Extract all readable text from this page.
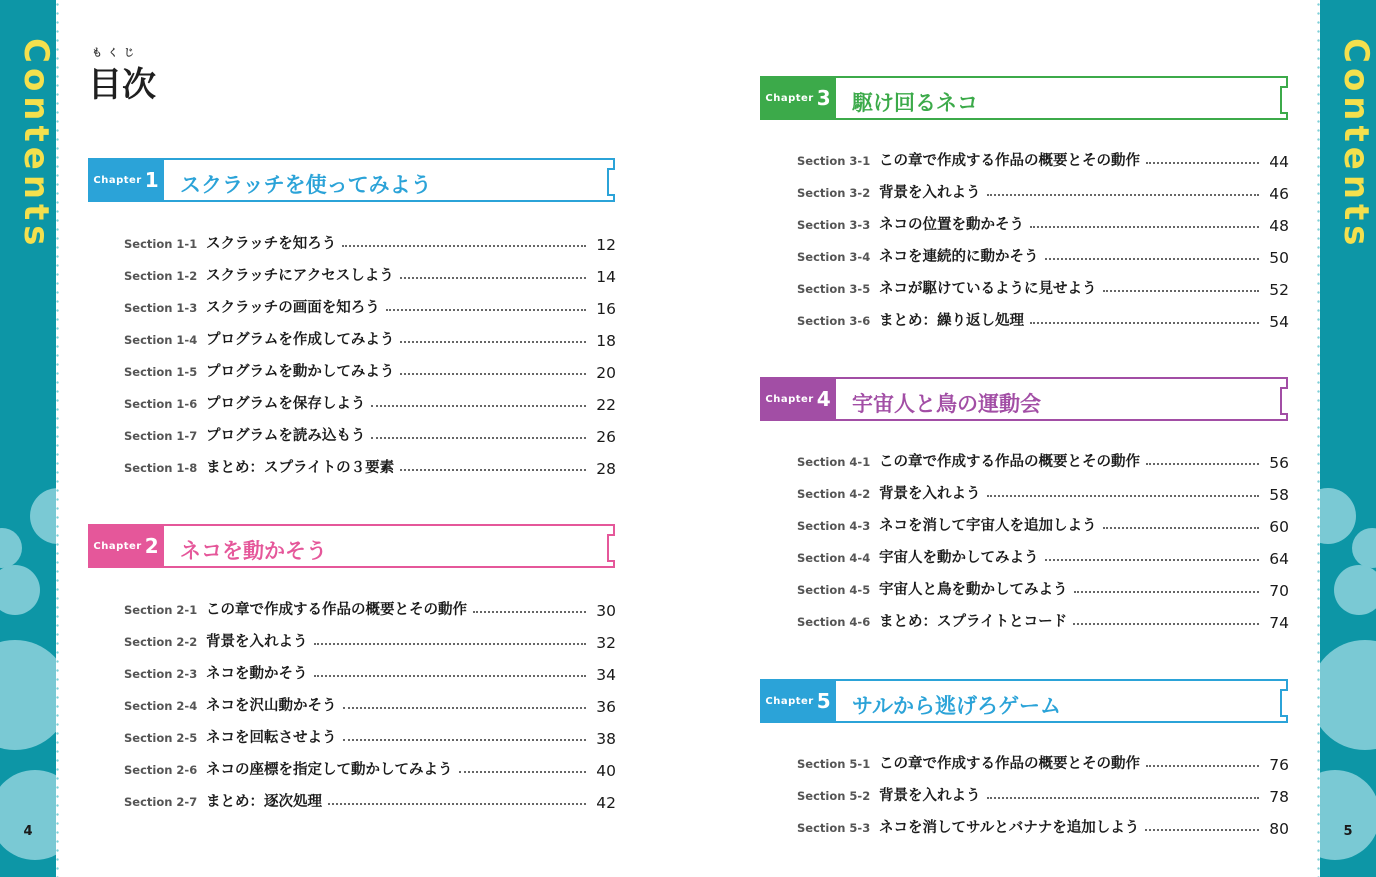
Contents
4
Contents
5
もくじ
目次
Chapter 1 スクラッチを使ってみよう
Section 1-1 スクラッチを知ろう	12
Section 1-2 スクラッチにアクセスしよう	14
Section 1-3 スクラッチの画面を知ろう	16
Section 1-4 プログラムを作成してみよう	18
Section 1-5 プログラムを動かしてみよう	20
Section 1-6 プログラムを保存しよう	22
Section 1-7 プログラムを読み込もう	26
Section 1-8 まとめ：スプライトの３要素	28
Chapter 2 ネコを動かそう
Section 2-1 この章で作成する作品の概要とその動作	30
Section 2-2 背景を入れよう	32
Section 2-3 ネコを動かそう	34
Section 2-4 ネコを沢山動かそう	36
Section 2-5 ネコを回転させよう	38
Section 2-6 ネコの座標を指定して動かしてみよう	40
Section 2-7 まとめ：逐次処理	42
Chapter 3 駆け回るネコ
Section 3-1 この章で作成する作品の概要とその動作	44
Section 3-2 背景を入れよう	46
Section 3-3 ネコの位置を動かそう	48
Section 3-4 ネコを連続的に動かそう	50
Section 3-5 ネコが駆けているように見せよう	52
Section 3-6 まとめ：繰り返し処理	54
Chapter 4 宇宙人と鳥の運動会
Section 4-1 この章で作成する作品の概要とその動作	56
Section 4-2 背景を入れよう	58
Section 4-3 ネコを消して宇宙人を追加しよう	60
Section 4-4 宇宙人を動かしてみよう	64
Section 4-5 宇宙人と鳥を動かしてみよう	70
Section 4-6 まとめ：スプライトとコード	74
Chapter 5 サルから逃げろゲーム
Section 5-1 この章で作成する作品の概要とその動作	76
Section 5-2 背景を入れよう	78
Section 5-3 ネコを消してサルとバナナを追加しよう	80
